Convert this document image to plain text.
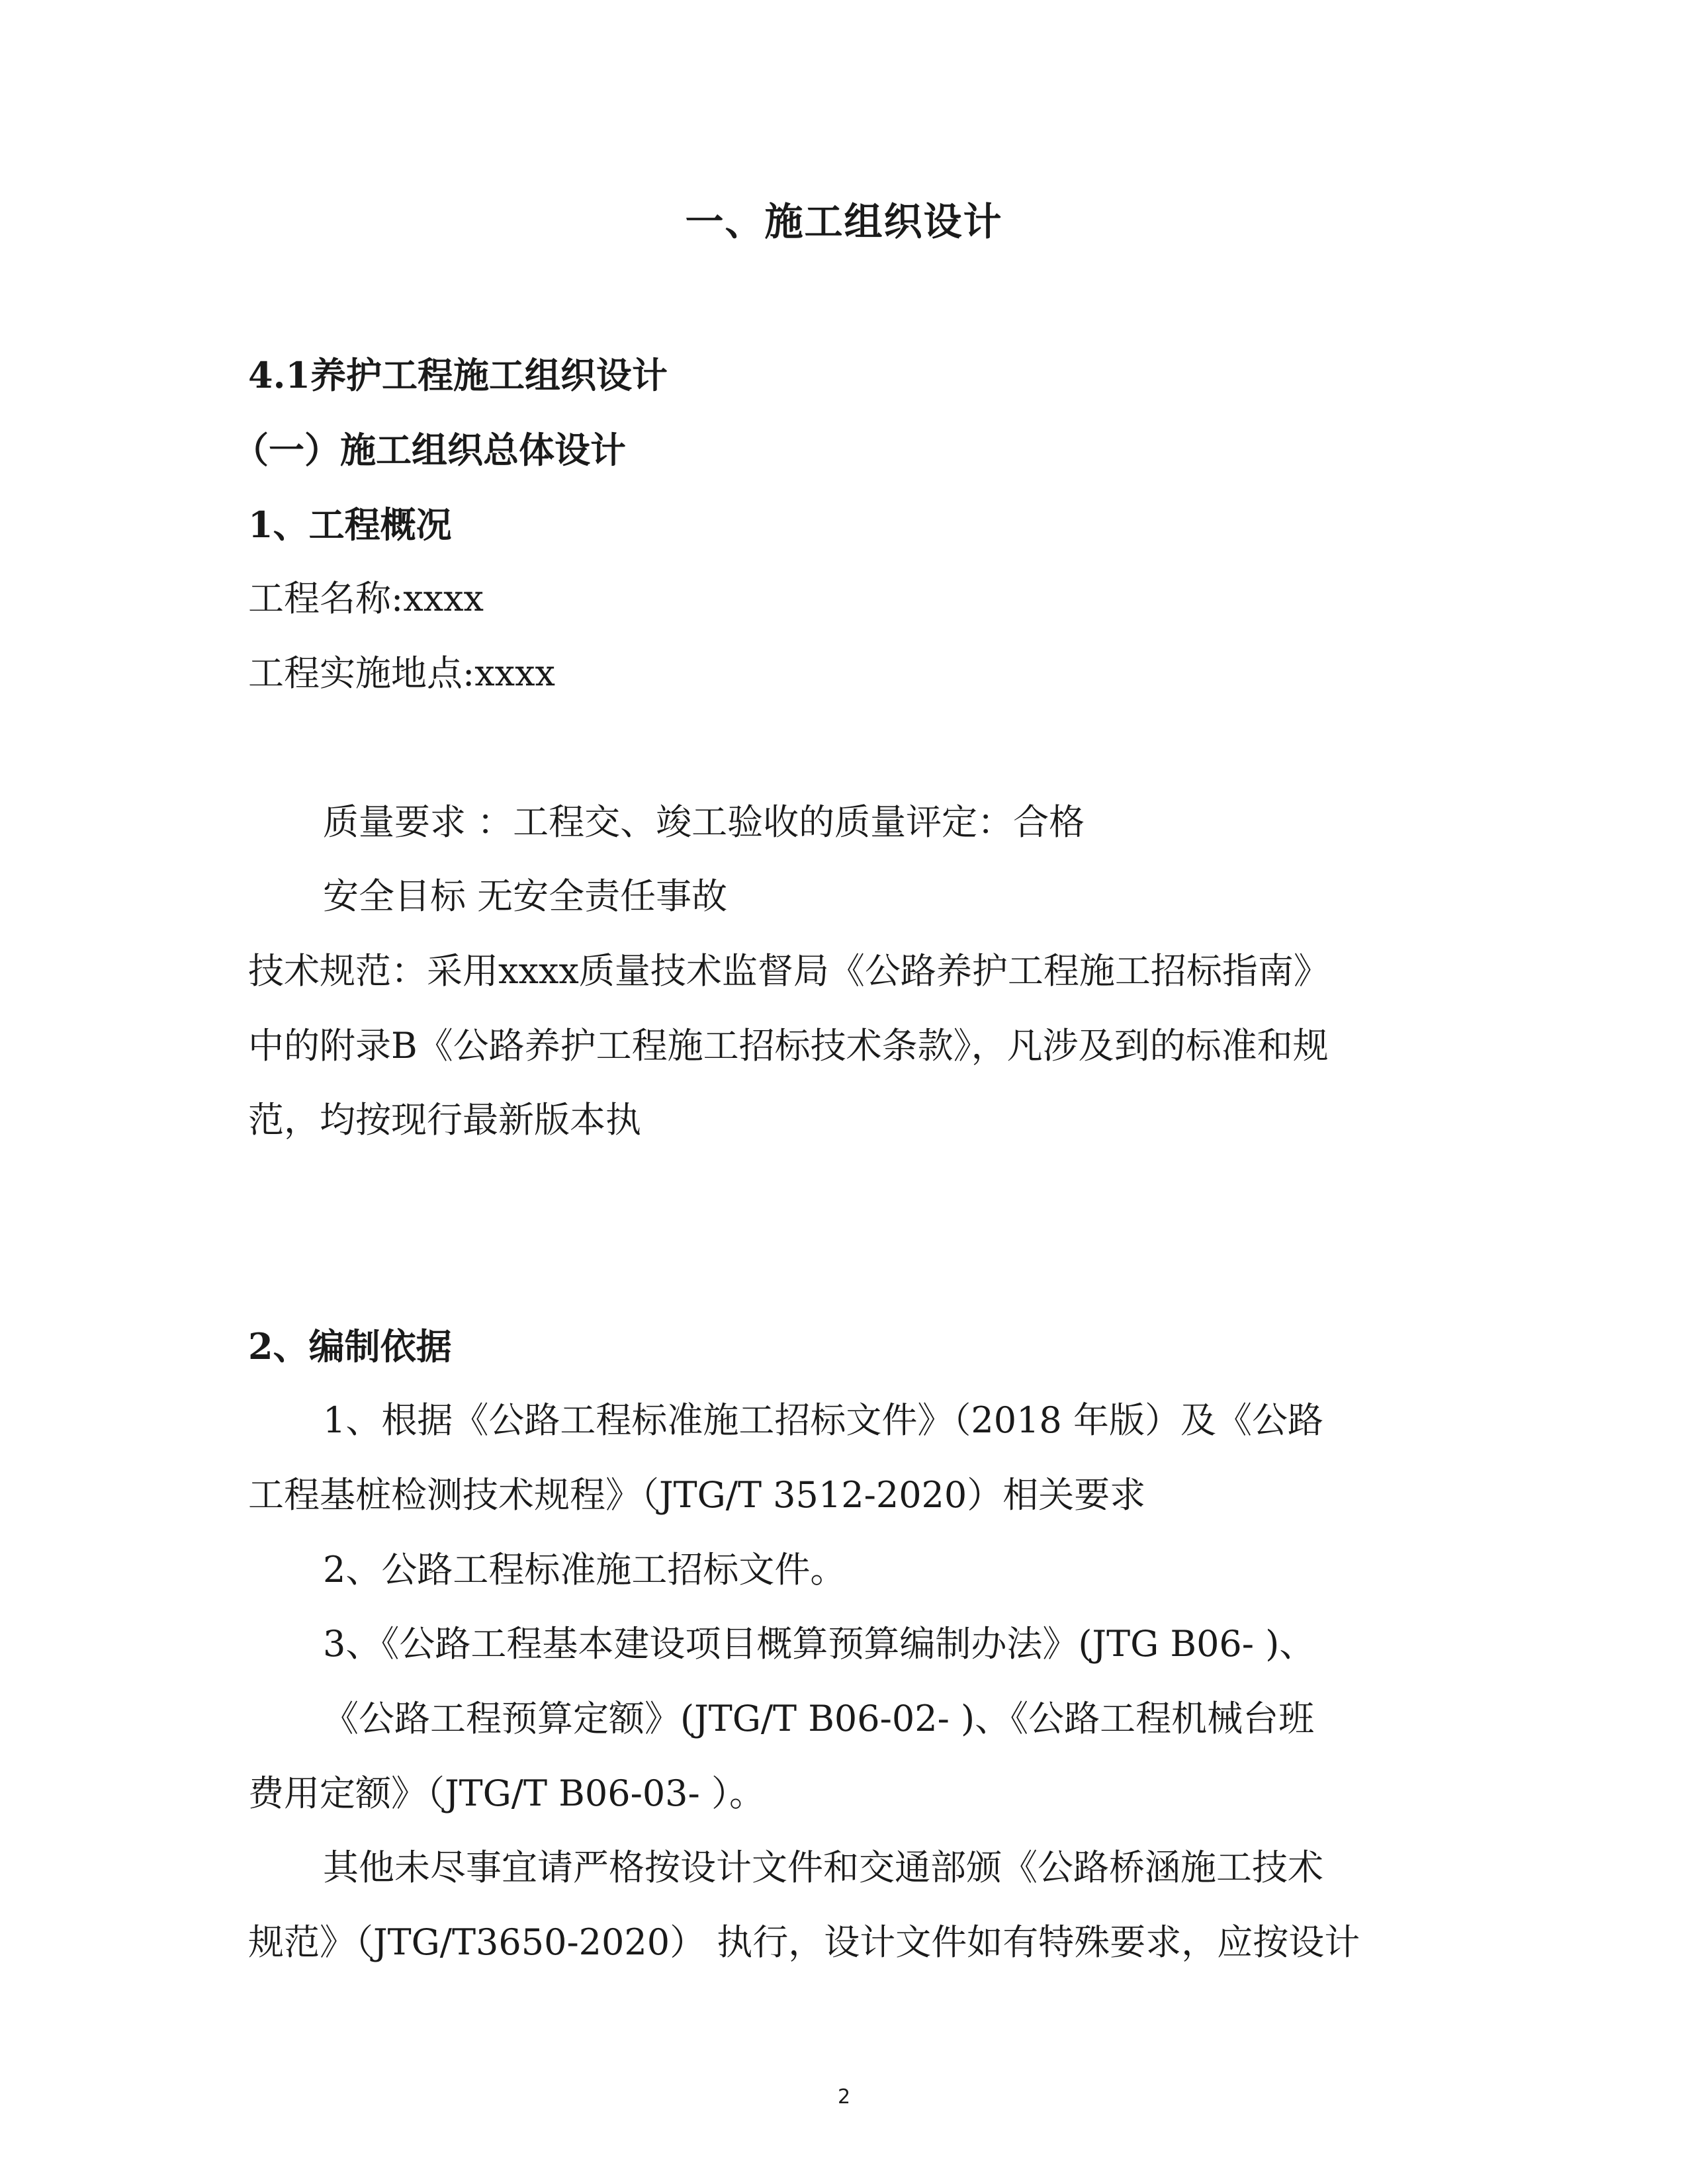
一、施工组织设计
4.1养护工程施工组织设计
（一）施工组织总体设计
1、工程概况
工程名称:xxxx
工程实施地点:xxxx
质量要求 ：工程交、竣工验收的质量评定：合格
安全目标 无安全责任事故
技术规范：采用xxxx质量技术监督局《公路养护工程施工招标指南》
中的附录B《公路养护工程施工招标技术条款》，凡涉及到的标准和规
范，均按现行最新版本执
2、编制依据
1、根据《公路工程标准施工招标文件》（2018 年版）及《公路
工程基桩检测技术规程》（JTG/T 3512-2020）相关要求
2、公路工程标准施工招标文件。
3、《公路工程基本建设项目概算预算编制办法》(JTG B06- )、
《公路工程预算定额》(JTG/T B06-02- )、《公路工程机械台班
费用定额》（JTG/T B06-03- ）。
其他未尽事宜请严格按设计文件和交通部颁《公路桥涵施工技术
规范》（JTG/T3650-2020） 执行，设计文件如有特殊要求，应按设计
2
